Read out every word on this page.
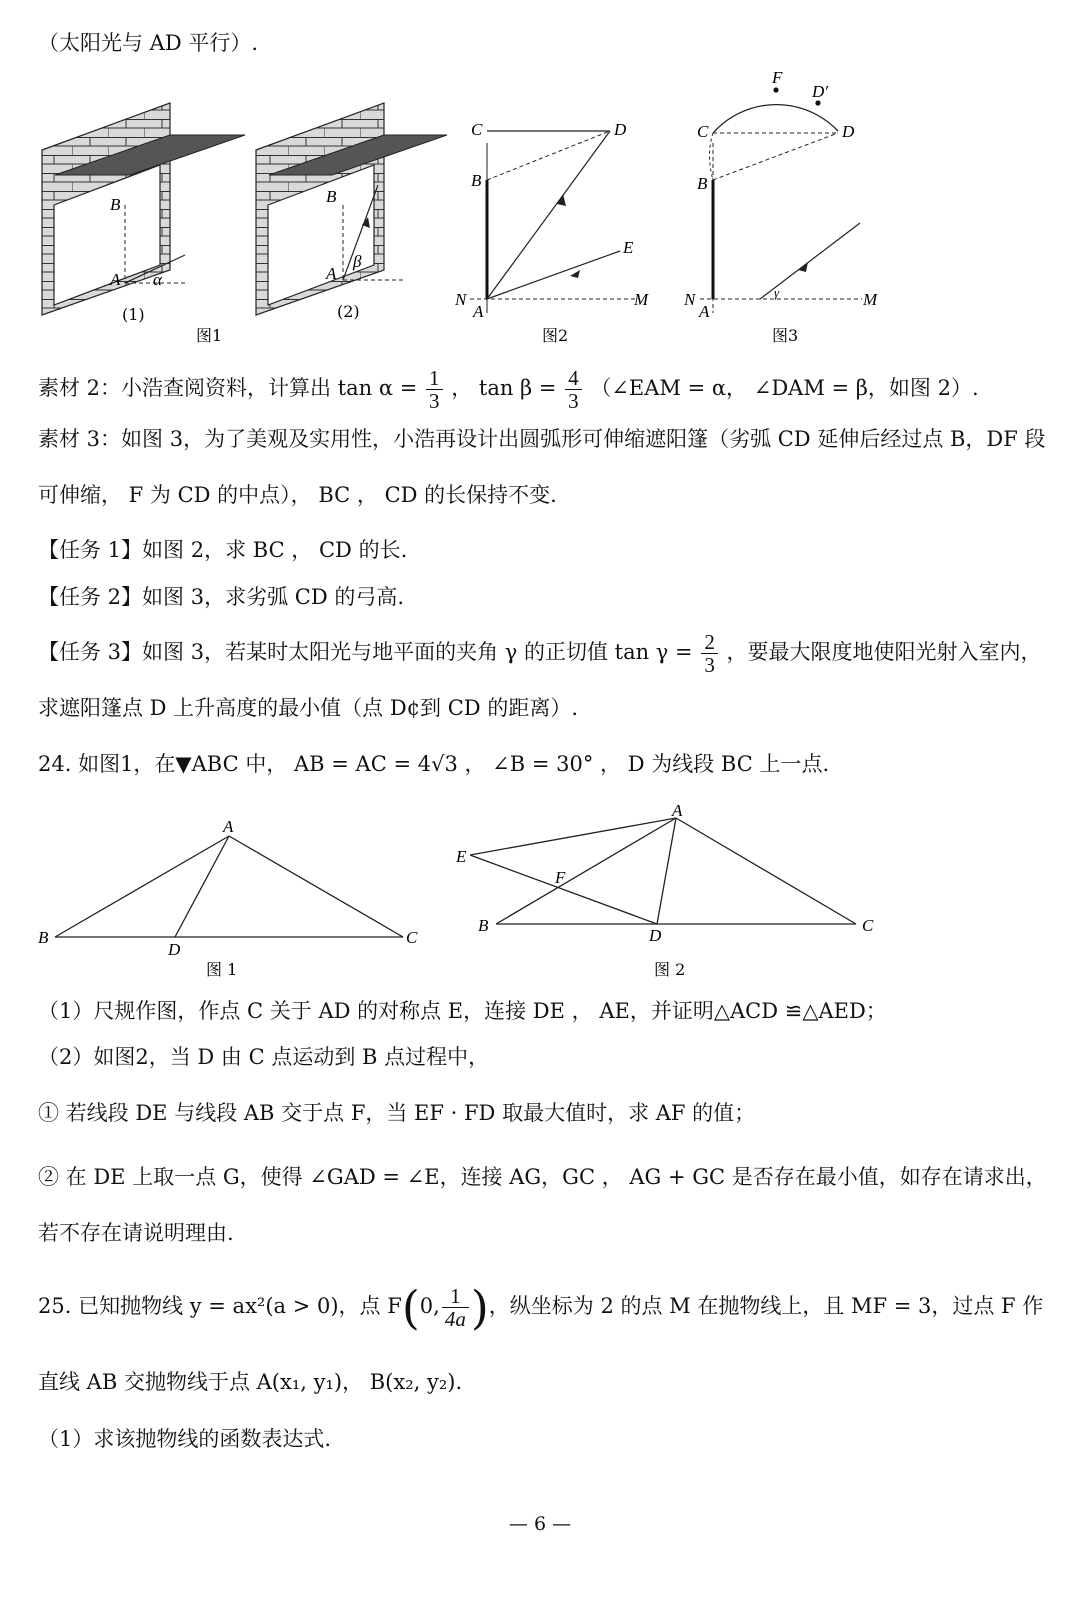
（太阳光与 AD 平行）.
B
A α
(1)
B
A
β
(2)
图1
C	D
B
E
N
A
M
图2
F
D′
C	D
B
N
A
M
γ
图3
素材 2：小浩查阅资料，计算出 $\tan \alpha = \frac{1}{3}$ ， $\tan \beta = \frac{4}{3}$ （∠EAM = α， ∠DAM = β，如图 2）.
素材 3：如图 3，为了美观及实用性，小浩再设计出圆弧形可伸缩遮阳篷（劣弧 CD 延伸后经过点 B，DF 段
可伸缩， F 为 CD 的中点）， BC ， CD 的长保持不变.
【任务 1】如图 2，求 BC ， CD 的长.
【任务 2】如图 3，求劣弧 CD 的弓高.
【任务 3】如图 3，若某时太阳光与地平面的夹角 γ 的正切值 $\tan \gamma = \frac{2}{3}$ ，要最大限度地使阳光射入室内，
求遮阳篷点 D 上升高度的最小值（点 D¢到 CD 的距离）.
24. 如图1，在▼ABC 中， AB = AC = 4√3 ， ∠B = 30° ， D 为线段 BC 上一点.
A
B	C
D
图 1
A
B	C
D
E
F
图 2
（1）尺规作图，作点 C 关于 AD 的对称点 E，连接 DE ， AE，并证明△ACD ≌△AED；
（2）如图2，当 D 由 C 点运动到 B 点过程中，
① 若线段 DE 与线段 AB 交于点 F，当 EF · FD 取最大值时，求 AF 的值；
② 在 DE 上取一点 G，使得 ∠GAD = ∠E，连接 AG，GC ， AG + GC 是否存在最小值，如存在请求出，
若不存在请说明理由.
25. 已知抛物线 y = ax²(a > 0)，点 F(0, $\frac{1}{4a}$ )，纵坐标为 2 的点 M 在抛物线上，且 MF = 3，过点 F 作
直线 AB 交抛物线于点 A(x₁, y₁)， B(x₂, y₂).
（1）求该抛物线的函数表达式.
— 6 —
